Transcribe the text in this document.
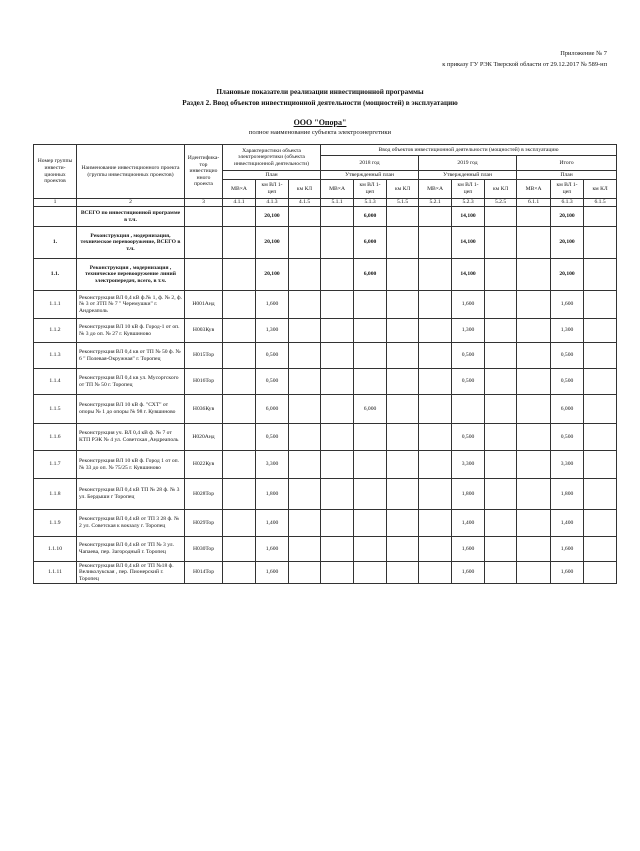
Приложение № 7
к приказу ГУ РЭК Тверской области от 29.12.2017 № 589-нп
Плановые показатели реализации инвестиционной программы
Раздел 2. Ввод объектов инвестиционной деятельности (мощностей) в эксплуатацию
ООО "Опора"
полное наименование субъекта электроэнергетики
Номер группы инвести-ционных проектов	Наименование инвестиционного проекта (группы инвестиционных проектов)	Идентифика-тор инвестицио нного проекта	Характеристики объекта электроэнергетики (объекта инвестиционной деятельности)			Ввод объектов инвестиционной деятельности (мощностей) в эксплуатацию								
						2018 год			2019 год			Итого		
			План			Утвержденный план			Утвержденный план			План		
			МВ×А	км ВЛ 1-цеп	км КЛ	МВ×А	км ВЛ 1-цеп	км КЛ	МВ×А	км ВЛ 1-цеп	км КЛ	МВ×А	км ВЛ 1-цеп	км КЛ
1	2	3	4.1.1	4.1.3	4.1.5	5.1.1	5.1.3	5.1.5	5.2.1	5.2.3	5.2.5	6.1.1	6.1.3	6.1.5
	ВСЕГО по инвестиционной программе в т.ч.			20,100			6,000			14,100			20,100	
1.	Реконструкция , модернизация, техническое перевооружение, ВСЕГО в т.ч.			20,100			6,000			14,100			20,100	
1.1.	Реконструкция , модернизация , техническое перевооружение линий электропередач, всего, в т.ч.			20,100			6,000			14,100			20,100	
1.1.1	Реконструкция ВЛ 0,4 кВ ф.№ 1, ф. № 2, ф. № 3 от ЗТП № 7 " Черемушки" г. Андреаполь	Н001Анд		1,600						1,600			1,600	
1.1.2	Реконструкция ВЛ 10 кВ ф. Город-1 от оп. № 3 до оп. № 27 г. Кувшиново	Н003Кув		1,300						1,300			1,300	
1.1.3	Реконструкция ВЛ 0,4 кв от ТП № 50 ф. № 6 " Полевая-Окружная" г. Торопец	Н015Тор		0,500						0,500			0,500	
1.1.4	Реконструкция ВЛ 0,4 кв ул. Мусоргского от ТП № 50 г. Торопец	Н016Тор		0,500						0,500			0,500	
1.1.5	Реконструкция ВЛ 10 кВ ф. "СХТ" от опоры № 1 до опоры № 98 г. Кувшиново	Н036Кув		6,000			6,000						6,000	
1.1.6	Реконструкция уч. ВЛ 0,4 кВ ф. № 7 от КТП РЭК № 4 ул. Советская ,Андреаполь	Н020Анд		0,500						0,500			0,500	
1.1.7	Реконструкция ВЛ 10 кВ ф. Город 1 от оп. № 33 до оп. № 75/25 г. Кувшиново	Н022Кув		3,300						3,300			3,300	
1.1.8	Реконструкция ВЛ 0,4 кВ ТП № 28 ф. № 3 ул. Бердыши г Торопец	Н028Тор		1,800						1,800			1,800	
1.1.9	Реконструкция ВЛ 0,4 кВ от ТП 3 28 ф. № 2 ул. Советская к вокзалу г. Торопец	Н029Тор		1,400						1,400			1,400	
1.1.10	Реконструкция ВЛ 0,4 кВ от ТП № 3 ул. Чапаева, пер. Загородный г. Торопец	Н030Тор		1,600						1,600			1,600	
1.1.11	Реконструкция ВЛ 0,4 кВ от ТП №18 ф. Великолукская , пер. Пионерский г. Торопец	Н014Тор		1,600						1,600			1,600	
